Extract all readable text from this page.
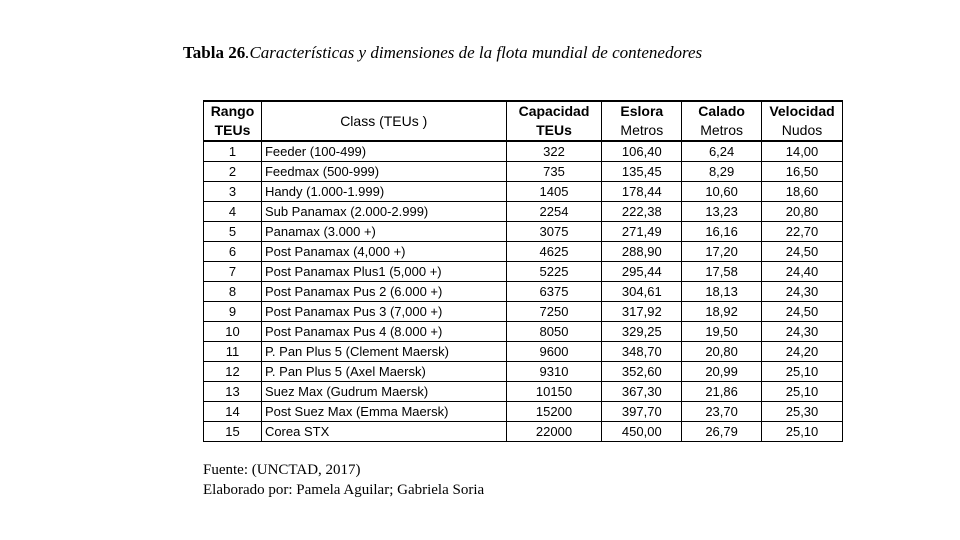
Tabla 26.Características y dimensiones de la flota mundial de contenedores
Rango	Class (TEUs )	Capacidad	Eslora	Calado	Velocidad
TEUs		TEUs	Metros	Metros	Nudos
1	Feeder (100-499)	322	106,40	6,24	14,00
2	Feedmax (500-999)	735	135,45	8,29	16,50
3	Handy (1.000-1.999)	1405	178,44	10,60	18,60
4	Sub Panamax (2.000-2.999)	2254	222,38	13,23	20,80
5	Panamax (3.000 +)	3075	271,49	16,16	22,70
6	Post Panamax (4,000 +)	4625	288,90	17,20	24,50
7	Post Panamax Plus1 (5,000 +)	5225	295,44	17,58	24,40
8	Post Panamax Pus 2 (6.000 +)	6375	304,61	18,13	24,30
9	Post Panamax Pus 3 (7,000 +)	7250	317,92	18,92	24,50
10	Post Panamax Pus 4 (8.000 +)	8050	329,25	19,50	24,30
11	P. Pan Plus 5 (Clement Maersk)	9600	348,70	20,80	24,20
12	P. Pan Plus 5 (Axel Maersk)	9310	352,60	20,99	25,10
13	Suez Max (Gudrum Maersk)	10150	367,30	21,86	25,10
14	Post Suez Max (Emma Maersk)	15200	397,70	23,70	25,30
15	Corea STX	22000	450,00	26,79	25,10
Fuente: (UNCTAD, 2017)
Elaborado por: Pamela Aguilar; Gabriela Soria
